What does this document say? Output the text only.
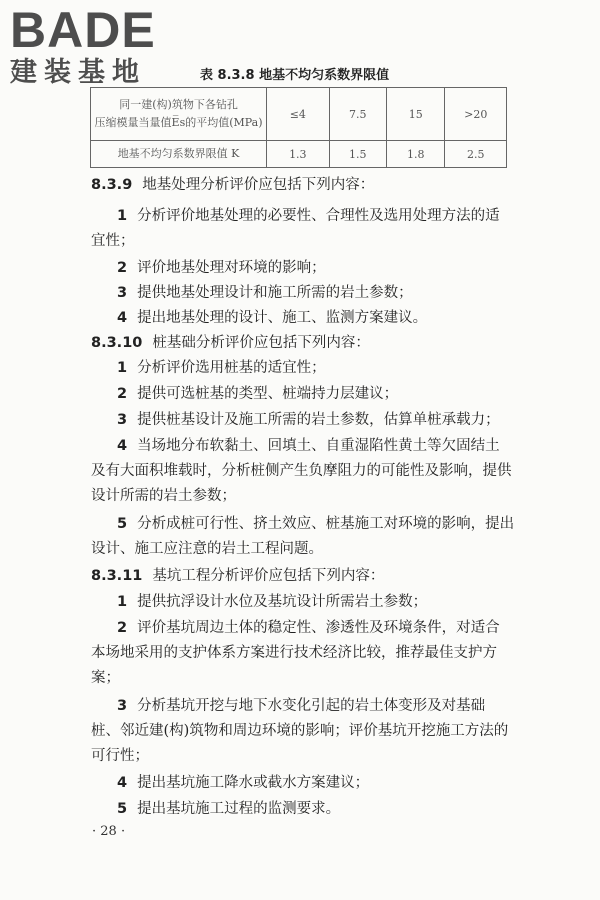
BADE
建装基地	表 8.3.8 地基不均匀系数界限值
同一建(构)筑物下各钻孔
压缩模量当量值E̅s的平均值(MPa)	≤4	7.5	15	>20
地基不均匀系数界限值 K	1.3	1.5	1.8	2.5
8.3.9 地基处理分析评价应包括下列内容：
1 分析评价地基处理的必要性、合理性及选用处理方法的适
宜性；
2 评价地基处理对环境的影响；
3 提供地基处理设计和施工所需的岩土参数；
4 提出地基处理的设计、施工、监测方案建议。
8.3.10 桩基础分析评价应包括下列内容：
1 分析评价选用桩基的适宜性；
2 提供可选桩基的类型、桩端持力层建议；
3 提供桩基设计及施工所需的岩土参数，估算单桩承载力；
4 当场地分布软黏土、回填土、自重湿陷性黄土等欠固结土
及有大面积堆载时，分析桩侧产生负摩阻力的可能性及影响，提供
设计所需的岩土参数；
5 分析成桩可行性、挤土效应、桩基施工对环境的影响，提出
设计、施工应注意的岩土工程问题。
8.3.11 基坑工程分析评价应包括下列内容：
1 提供抗浮设计水位及基坑设计所需岩土参数；
2 评价基坑周边土体的稳定性、渗透性及环境条件，对适合
本场地采用的支护体系方案进行技术经济比较，推荐最佳支护方
案；
3 分析基坑开挖与地下水变化引起的岩土体变形及对基础
桩、邻近建(构)筑物和周边环境的影响；评价基坑开挖施工方法的
可行性；
4 提出基坑施工降水或截水方案建议；
5 提出基坑施工过程的监测要求。
· 28 ·
